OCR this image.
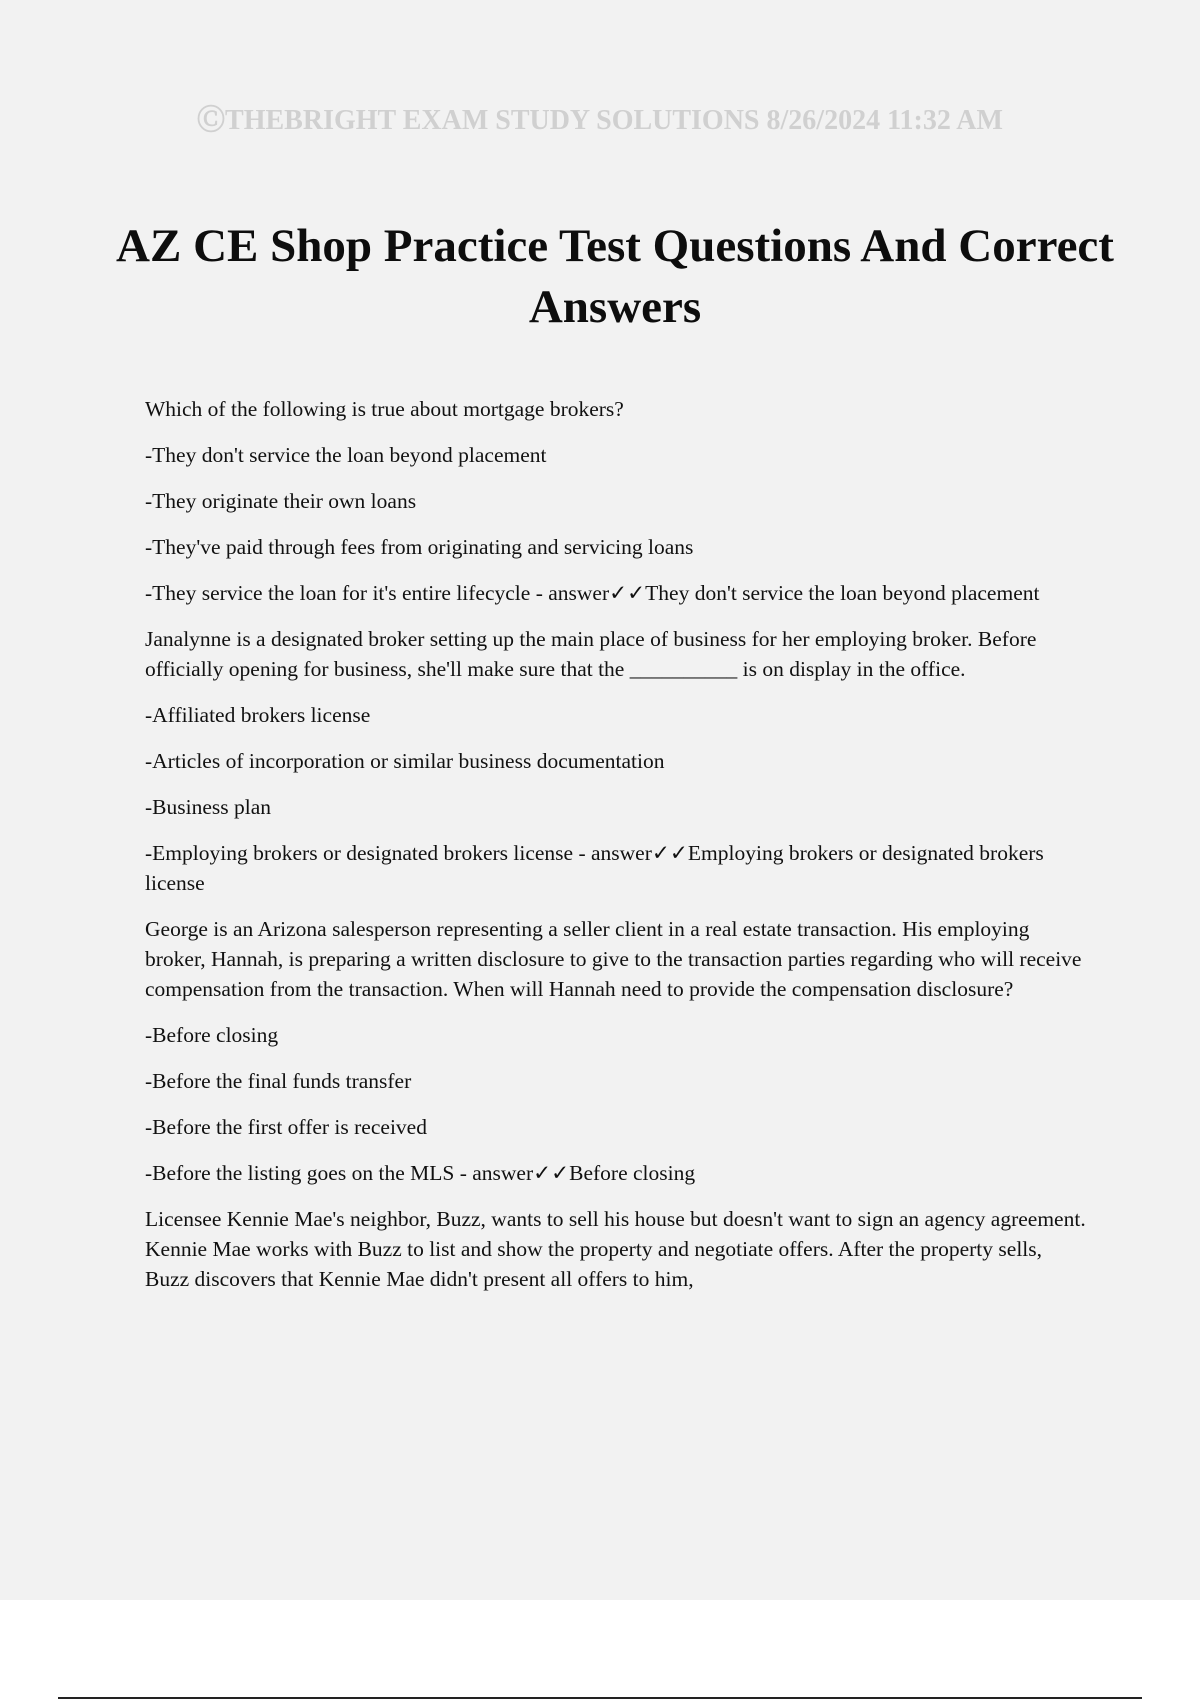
ⒸTHEBRIGHT EXAM STUDY SOLUTIONS 8/26/2024 11:32 AM
AZ CE Shop Practice Test Questions And Correct Answers

Which of the following is true about mortgage brokers?

-They don't service the loan beyond placement

-They originate their own loans

-They've paid through fees from originating and servicing loans

-They service the loan for it's entire lifecycle - answer✓✓They don't service the loan beyond placement

Janalynne is a designated broker setting up the main place of business for her employing broker. Before officially opening for business, she'll make sure that the __________ is on display in the office.

-Affiliated brokers license

-Articles of incorporation or similar business documentation

-Business plan

-Employing brokers or designated brokers license - answer✓✓Employing brokers or designated brokers license

George is an Arizona salesperson representing a seller client in a real estate transaction. His employing broker, Hannah, is preparing a written disclosure to give to the transaction parties regarding who will receive compensation from the transaction. When will Hannah need to provide the compensation disclosure?

-Before closing

-Before the final funds transfer

-Before the first offer is received

-Before the listing goes on the MLS - answer✓✓Before closing

Licensee Kennie Mae's neighbor, Buzz, wants to sell his house but doesn't want to sign an agency agreement. Kennie Mae works with Buzz to list and show the property and negotiate offers. After the property sells, Buzz discovers that Kennie Mae didn't present all offers to him,
